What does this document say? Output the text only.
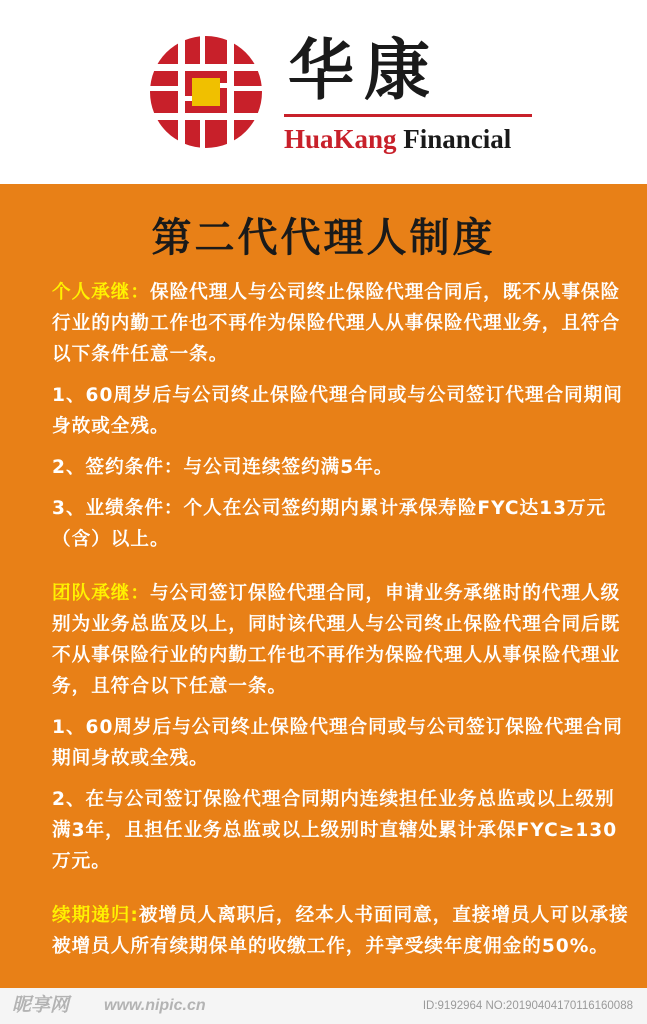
华康
HuaKang Financial
第二代代理人制度

个人承继：保险代理人与公司终止保险代理合同后，既不从事保险行业的内勤工作也不再作为保险代理人从事保险代理业务，且符合以下条件任意一条。

1、60周岁后与公司终止保险代理合同或与公司签订代理合同期间身故或全残。

2、签约条件：与公司连续签约满5年。

3、业绩条件：个人在公司签约期内累计承保寿险FYC达13万元（含）以上。

团队承继：与公司签订保险代理合同，申请业务承继时的代理人级别为业务总监及以上，同时该代理人与公司终止保险代理合同后既不从事保险行业的内勤工作也不再作为保险代理人从事保险代理业务，且符合以下任意一条。

1、60周岁后与公司终止保险代理合同或与公司签订保险代理合同期间身故或全残。

2、在与公司签订保险代理合同期内连续担任业务总监或以上级别满3年，且担任业务总监或以上级别时直辖处累计承保FYC≥130万元。

续期递归:被增员人离职后，经本人书面同意，直接增员人可以承接被增员人所有续期保单的收缴工作，并享受续年度佣金的50%。

昵享网 www.nipic.cn	ID:9192964 NO:20190404170116160088
